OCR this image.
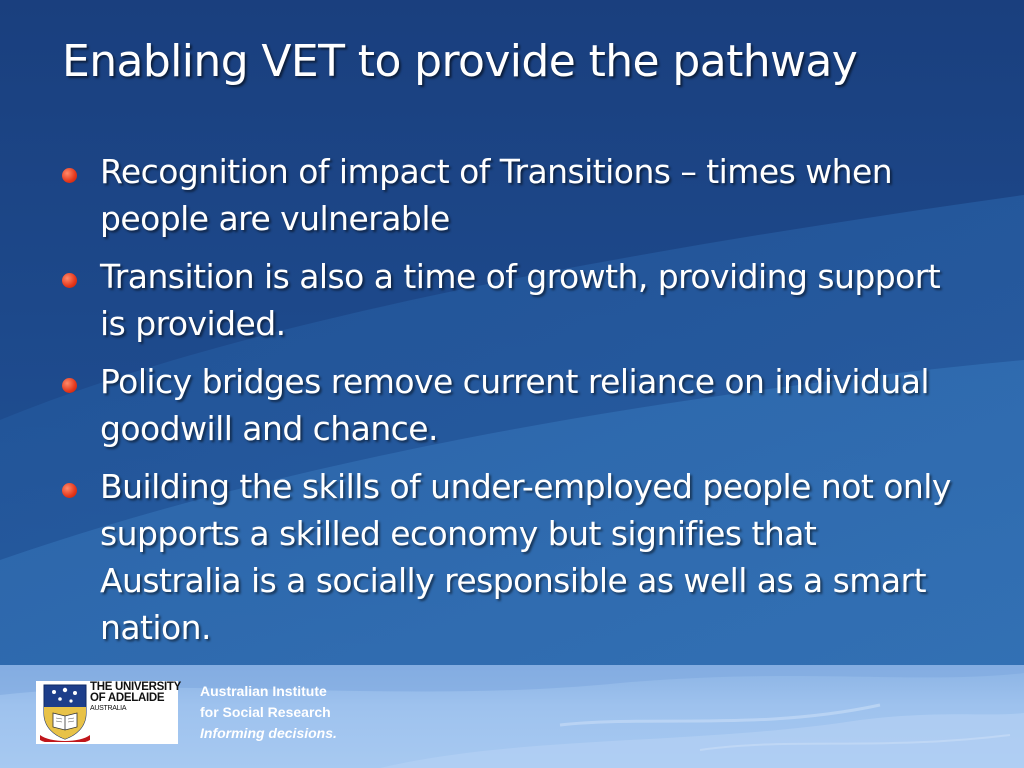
Enabling VET to provide the pathway
Recognition of impact of Transitions – times when people are vulnerable
Transition is also a time of growth, providing support is provided.
Policy bridges remove current reliance on individual goodwill and chance.
Building the skills of under-employed people not only supports a skilled economy but signifies that Australia is a socially responsible as well as a smart nation.
THE UNIVERSITY
OF ADELAIDE
AUSTRALIA
Australian Institute
for Social Research
Informing decisions.
